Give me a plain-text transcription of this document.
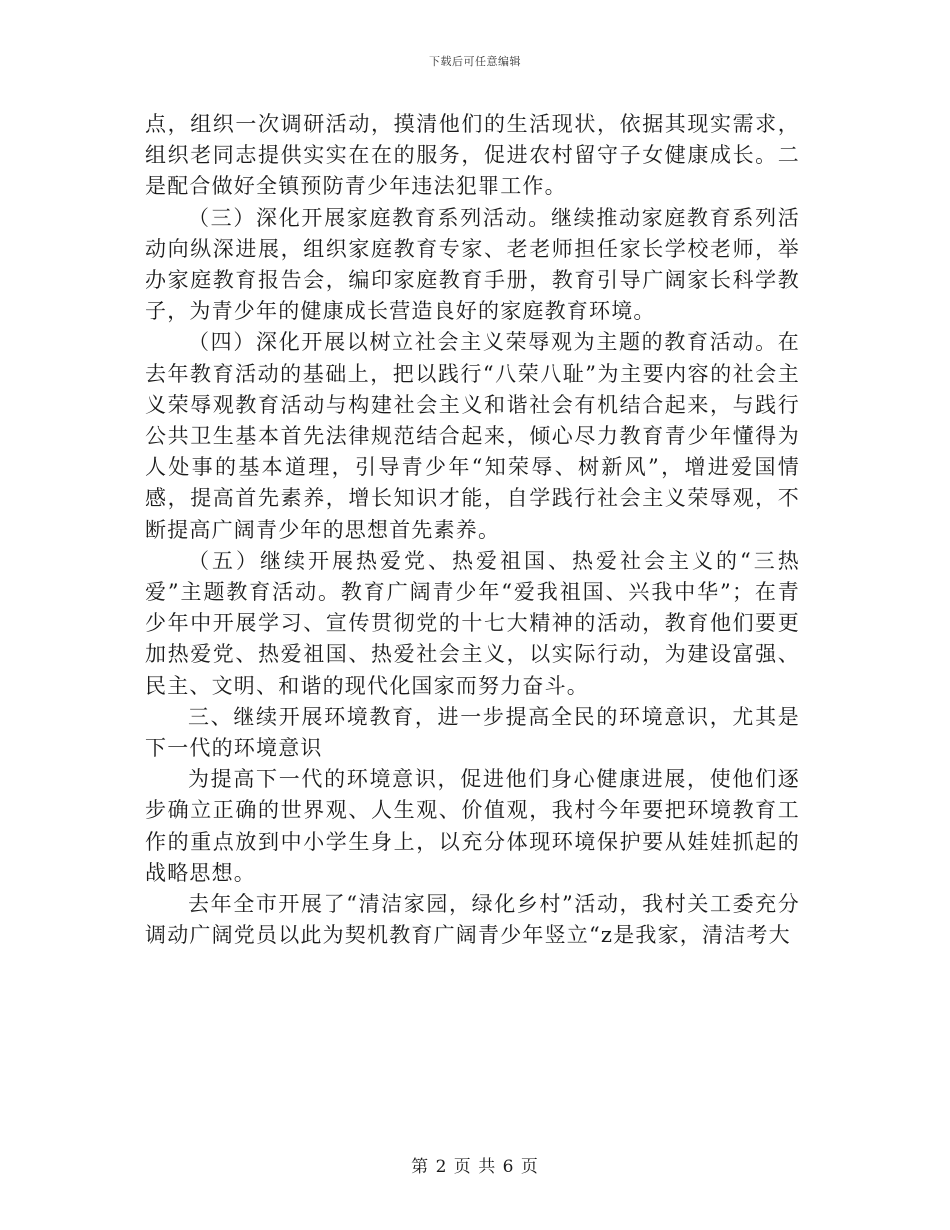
下载后可任意编辑

点，组织一次调研活动，摸清他们的生活现状，依据其现实需求，组织老同志提供实实在在的服务，促进农村留守子女健康成长。二是配合做好全镇预防青少年违法犯罪工作。

（三）深化开展家庭教育系列活动。继续推动家庭教育系列活动向纵深进展，组织家庭教育专家、老老师担任家长学校老师，举办家庭教育报告会，编印家庭教育手册，教育引导广阔家长科学教子，为青少年的健康成长营造良好的家庭教育环境。

（四）深化开展以树立社会主义荣辱观为主题的教育活动。在去年教育活动的基础上，把以践行“八荣八耻”为主要内容的社会主义荣辱观教育活动与构建社会主义和谐社会有机结合起来，与践行公共卫生基本首先法律规范结合起来，倾心尽力教育青少年懂得为人处事的基本道理，引导青少年“知荣辱、树新风”，增进爱国情感，提高首先素养，增长知识才能，自学践行社会主义荣辱观，不断提高广阔青少年的思想首先素养。

（五）继续开展热爱党、热爱祖国、热爱社会主义的“三热爱”主题教育活动。教育广阔青少年“爱我祖国、兴我中华”；在青少年中开展学习、宣传贯彻党的十七大精神的活动，教育他们要更加热爱党、热爱祖国、热爱社会主义，以实际行动，为建设富强、民主、文明、和谐的现代化国家而努力奋斗。

三、继续开展环境教育，进一步提高全民的环境意识，尤其是下一代的环境意识

为提高下一代的环境意识，促进他们身心健康进展，使他们逐步确立正确的世界观、人生观、价值观，我村今年要把环境教育工作的重点放到中小学生身上，以充分体现环境保护要从娃娃抓起的战略思想。

去年全市开展了“清洁家园，绿化乡村”活动，我村关工委充分调动广阔党员以此为契机教育广阔青少年竖立“z是我家，清洁考大

第 2 页 共 6 页
